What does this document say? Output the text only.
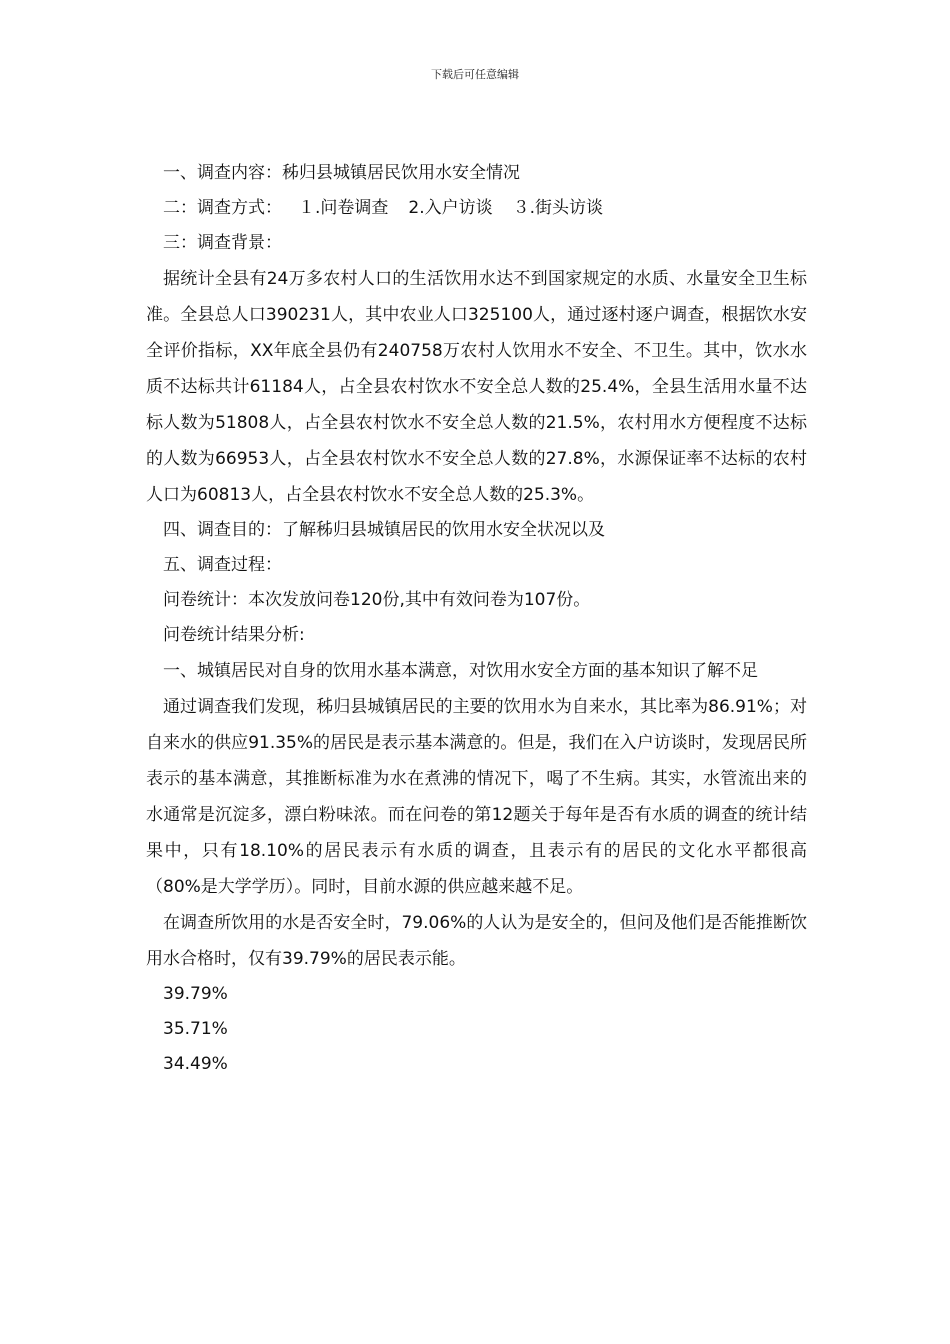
下载后可任意编辑
一、调查内容：秭归县城镇居民饮用水安全情况
二：调查方式： １.问卷调查 2.入户访谈 ３.街头访谈
三：调查背景：

据统计全县有24万多农村人口的生活饮用水达不到国家规定的水质、水量安全卫生标准。全县总人口390231人，其中农业人口325100人，通过逐村逐户调查，根据饮水安全评价指标，XX年底全县仍有240758万农村人饮用水不安全、不卫生。其中，饮水水质不达标共计61184人，占全县农村饮水不安全总人数的25.4%，全县生活用水量不达标人数为51808人，占全县农村饮水不安全总人数的21.5%，农村用水方便程度不达标的人数为66953人，占全县农村饮水不安全总人数的27.8%，水源保证率不达标的农村人口为60813人，占全县农村饮水不安全总人数的25.3%。

四、调查目的：了解秭归县城镇居民的饮用水安全状况以及
五、调查过程：
问卷统计：本次发放问卷120份,其中有效问卷为107份。
问卷统计结果分析:

一、城镇居民对自身的饮用水基本满意，对饮用水安全方面的基本知识了解不足

通过调查我们发现，秭归县城镇居民的主要的饮用水为自来水，其比率为86.91%；对自来水的供应91.35%的居民是表示基本满意的。但是，我们在入户访谈时，发现居民所表示的基本满意，其推断标准为水在煮沸的情况下，喝了不生病。其实，水管流出来的水通常是沉淀多，漂白粉味浓。而在问卷的第12题关于每年是否有水质的调查的统计结果中，只有18.10%的居民表示有水质的调查，且表示有的居民的文化水平都很高（80%是大学学历）。同时，目前水源的供应越来越不足。

在调查所饮用的水是否安全时，79.06%的人认为是安全的，但问及他们是否能推断饮用水合格时，仅有39.79%的居民表示能。

39.79%
35.71%
34.49%
